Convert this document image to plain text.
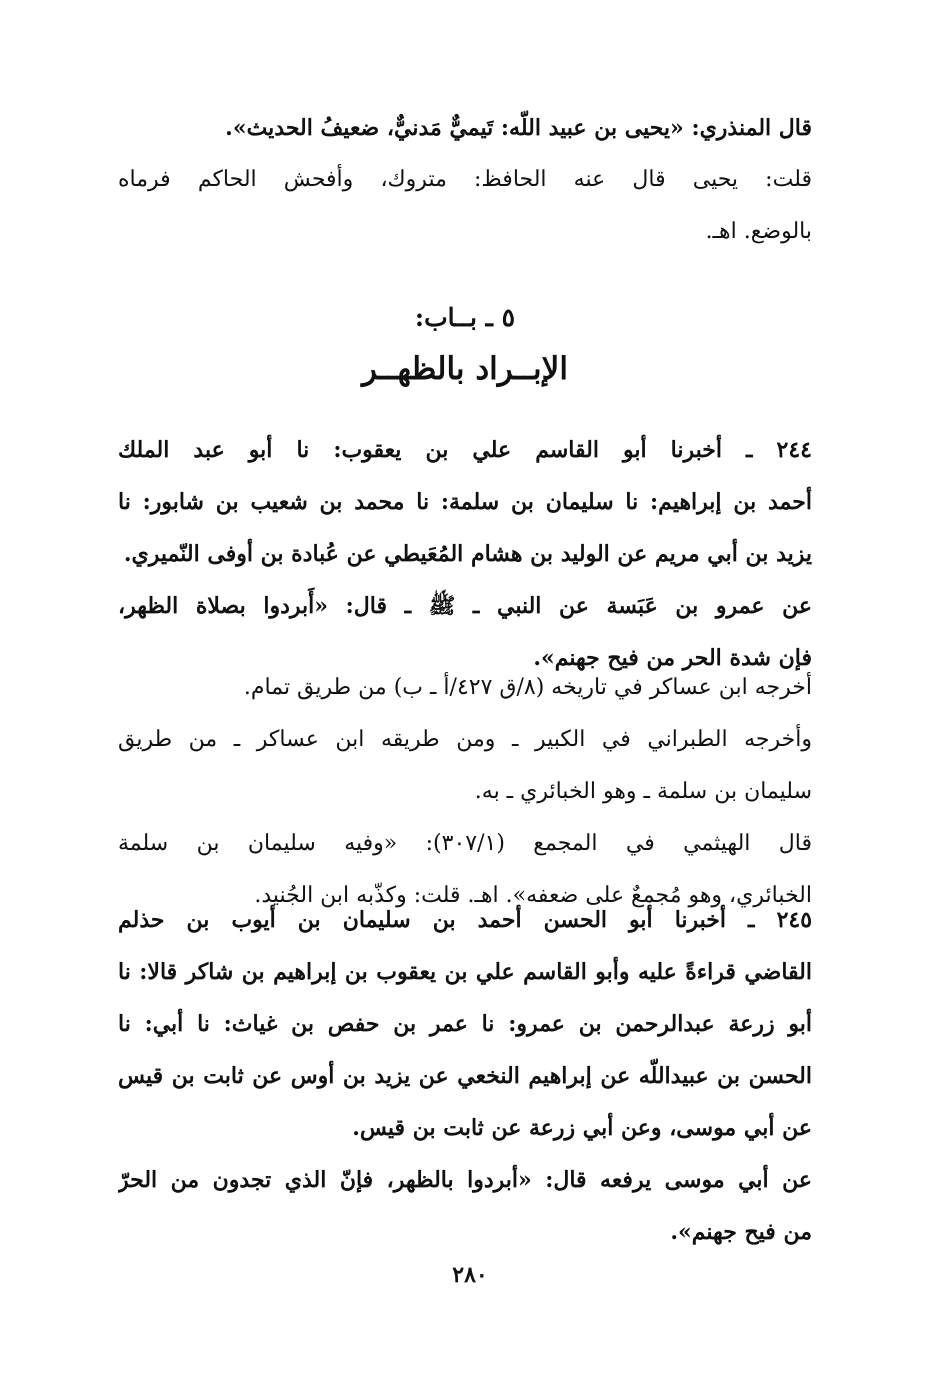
قال المنذري: «يحيى بن عبيد اللّه: تَيميٌّ مَدنيٌّ، ضعيفُ الحديث».
قلت: يحيى قال عنه الحافظ: متروك، وأفحش الحاكم فرماه
بالوضع. اهـ.
٥ ـ بــاب:
الإبــراد بالظهــر
٢٤٤ ـ أخبرنا أبو القاسم علي بن يعقوب: نا أبو عبد الملك
أحمد بن إبراهيم: نا سليمان بن سلمة: نا محمد بن شعيب بن شابور: نا
يزيد بن أبي مريم عن الوليد بن هشام المُعَيطي عن عُبادة بن أوفى النّميري.
عن عمرو بن عَبَسة عن النبي ـ ﷺ ـ قال: «أَبردوا بصلاة الظهر،
فإن شدة الحر من فيح جهنم».
أخرجه ابن عساكر في تاريخه (٨/ق ٤٢٧/أ ـ ب) من طريق تمام.
وأخرجه الطبراني في الكبير ـ ومن طريقه ابن عساكر ـ من طريق
سليمان بن سلمة ـ وهو الخبائري ـ به.
قال الهيثمي في المجمع (٣٠٧/١): «وفيه سليمان بن سلمة
الخبائري، وهو مُجمعٌ على ضعفه». اهـ. قلت: وكذّبه ابن الجُنيد.
٢٤٥ ـ أخبرنا أبو الحسن أحمد بن سليمان بن أيوب بن حذلم
القاضي قراءةً عليه وأبو القاسم علي بن يعقوب بن إبراهيم بن شاكر قالا: نا
أبو زرعة عبدالرحمن بن عمرو: نا عمر بن حفص بن غياث: نا أبي: نا
الحسن بن عبيداللّه عن إبراهيم النخعي عن يزيد بن أوس عن ثابت بن قيس
عن أبي موسى، وعن أبي زرعة عن ثابت بن قيس.
عن أبي موسى يرفعه قال: «أبردوا بالظهر، فإنّ الذي تجدون من الحرّ
من فيح جهنم».
٢٨٠
